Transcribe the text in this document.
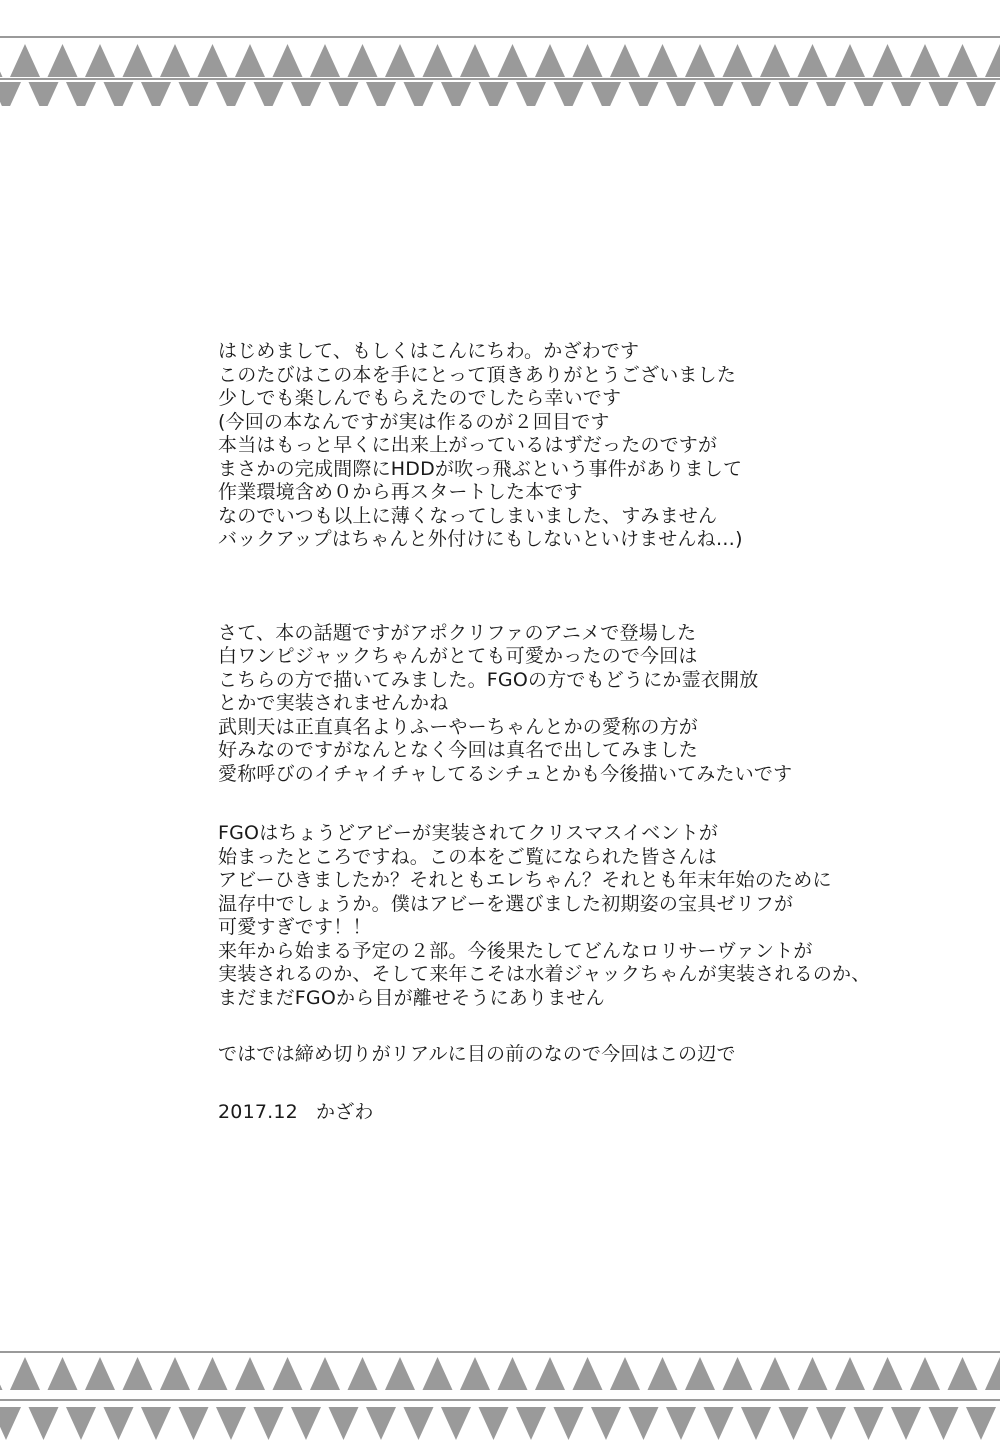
はじめまして、もしくはこんにちわ。かざわです
このたびはこの本を手にとって頂きありがとうございました
少しでも楽しんでもらえたのでしたら幸いです
(今回の本なんですが実は作るのが２回目です
本当はもっと早くに出来上がっているはずだったのですが
まさかの完成間際にHDDが吹っ飛ぶという事件がありまして
作業環境含め０から再スタートした本です
なのでいつも以上に薄くなってしまいました、すみません
バックアップはちゃんと外付けにもしないといけませんね…)
さて、本の話題ですがアポクリファのアニメで登場した
白ワンピジャックちゃんがとても可愛かったので今回は
こちらの方で描いてみました。FGOの方でもどうにか霊衣開放
とかで実装されませんかね
武則天は正直真名よりふーやーちゃんとかの愛称の方が
好みなのですがなんとなく今回は真名で出してみました
愛称呼びのイチャイチャしてるシチュとかも今後描いてみたいです
FGOはちょうどアビーが実装されてクリスマスイベントが
始まったところですね。この本をご覧になられた皆さんは
アビーひきましたか？それともエレちゃん？それとも年末年始のために
温存中でしょうか。僕はアビーを選びました初期姿の宝具ゼリフが
可愛すぎです！！
来年から始まる予定の２部。今後果たしてどんなロリサーヴァントが
実装されるのか、そして来年こそは水着ジャックちゃんが実装されるのか、
まだまだFGOから目が離せそうにありません
ではでは締め切りがリアルに目の前のなので今回はこの辺で
2017.12 かざわ
